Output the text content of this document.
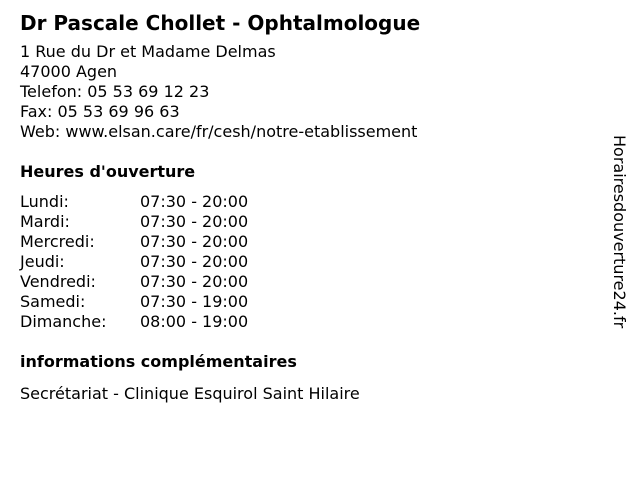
Dr Pascale Chollet - Ophtalmologue
1 Rue du Dr et Madame Delmas
47000 Agen
Telefon: 05 53 69 12 23
Fax: 05 53 69 96 63
Web: www.elsan.care/fr/cesh/notre-etablissement
Heures d'ouverture
Lundi:	07:30 - 20:00
Mardi:	07:30 - 20:00
Mercredi:	07:30 - 20:00
Jeudi:	07:30 - 20:00
Vendredi:	07:30 - 20:00
Samedi:	07:30 - 19:00
Dimanche:	08:00 - 19:00
informations complémentaires
Secrétariat - Clinique Esquirol Saint Hilaire
Horairesdouverture24.fr
